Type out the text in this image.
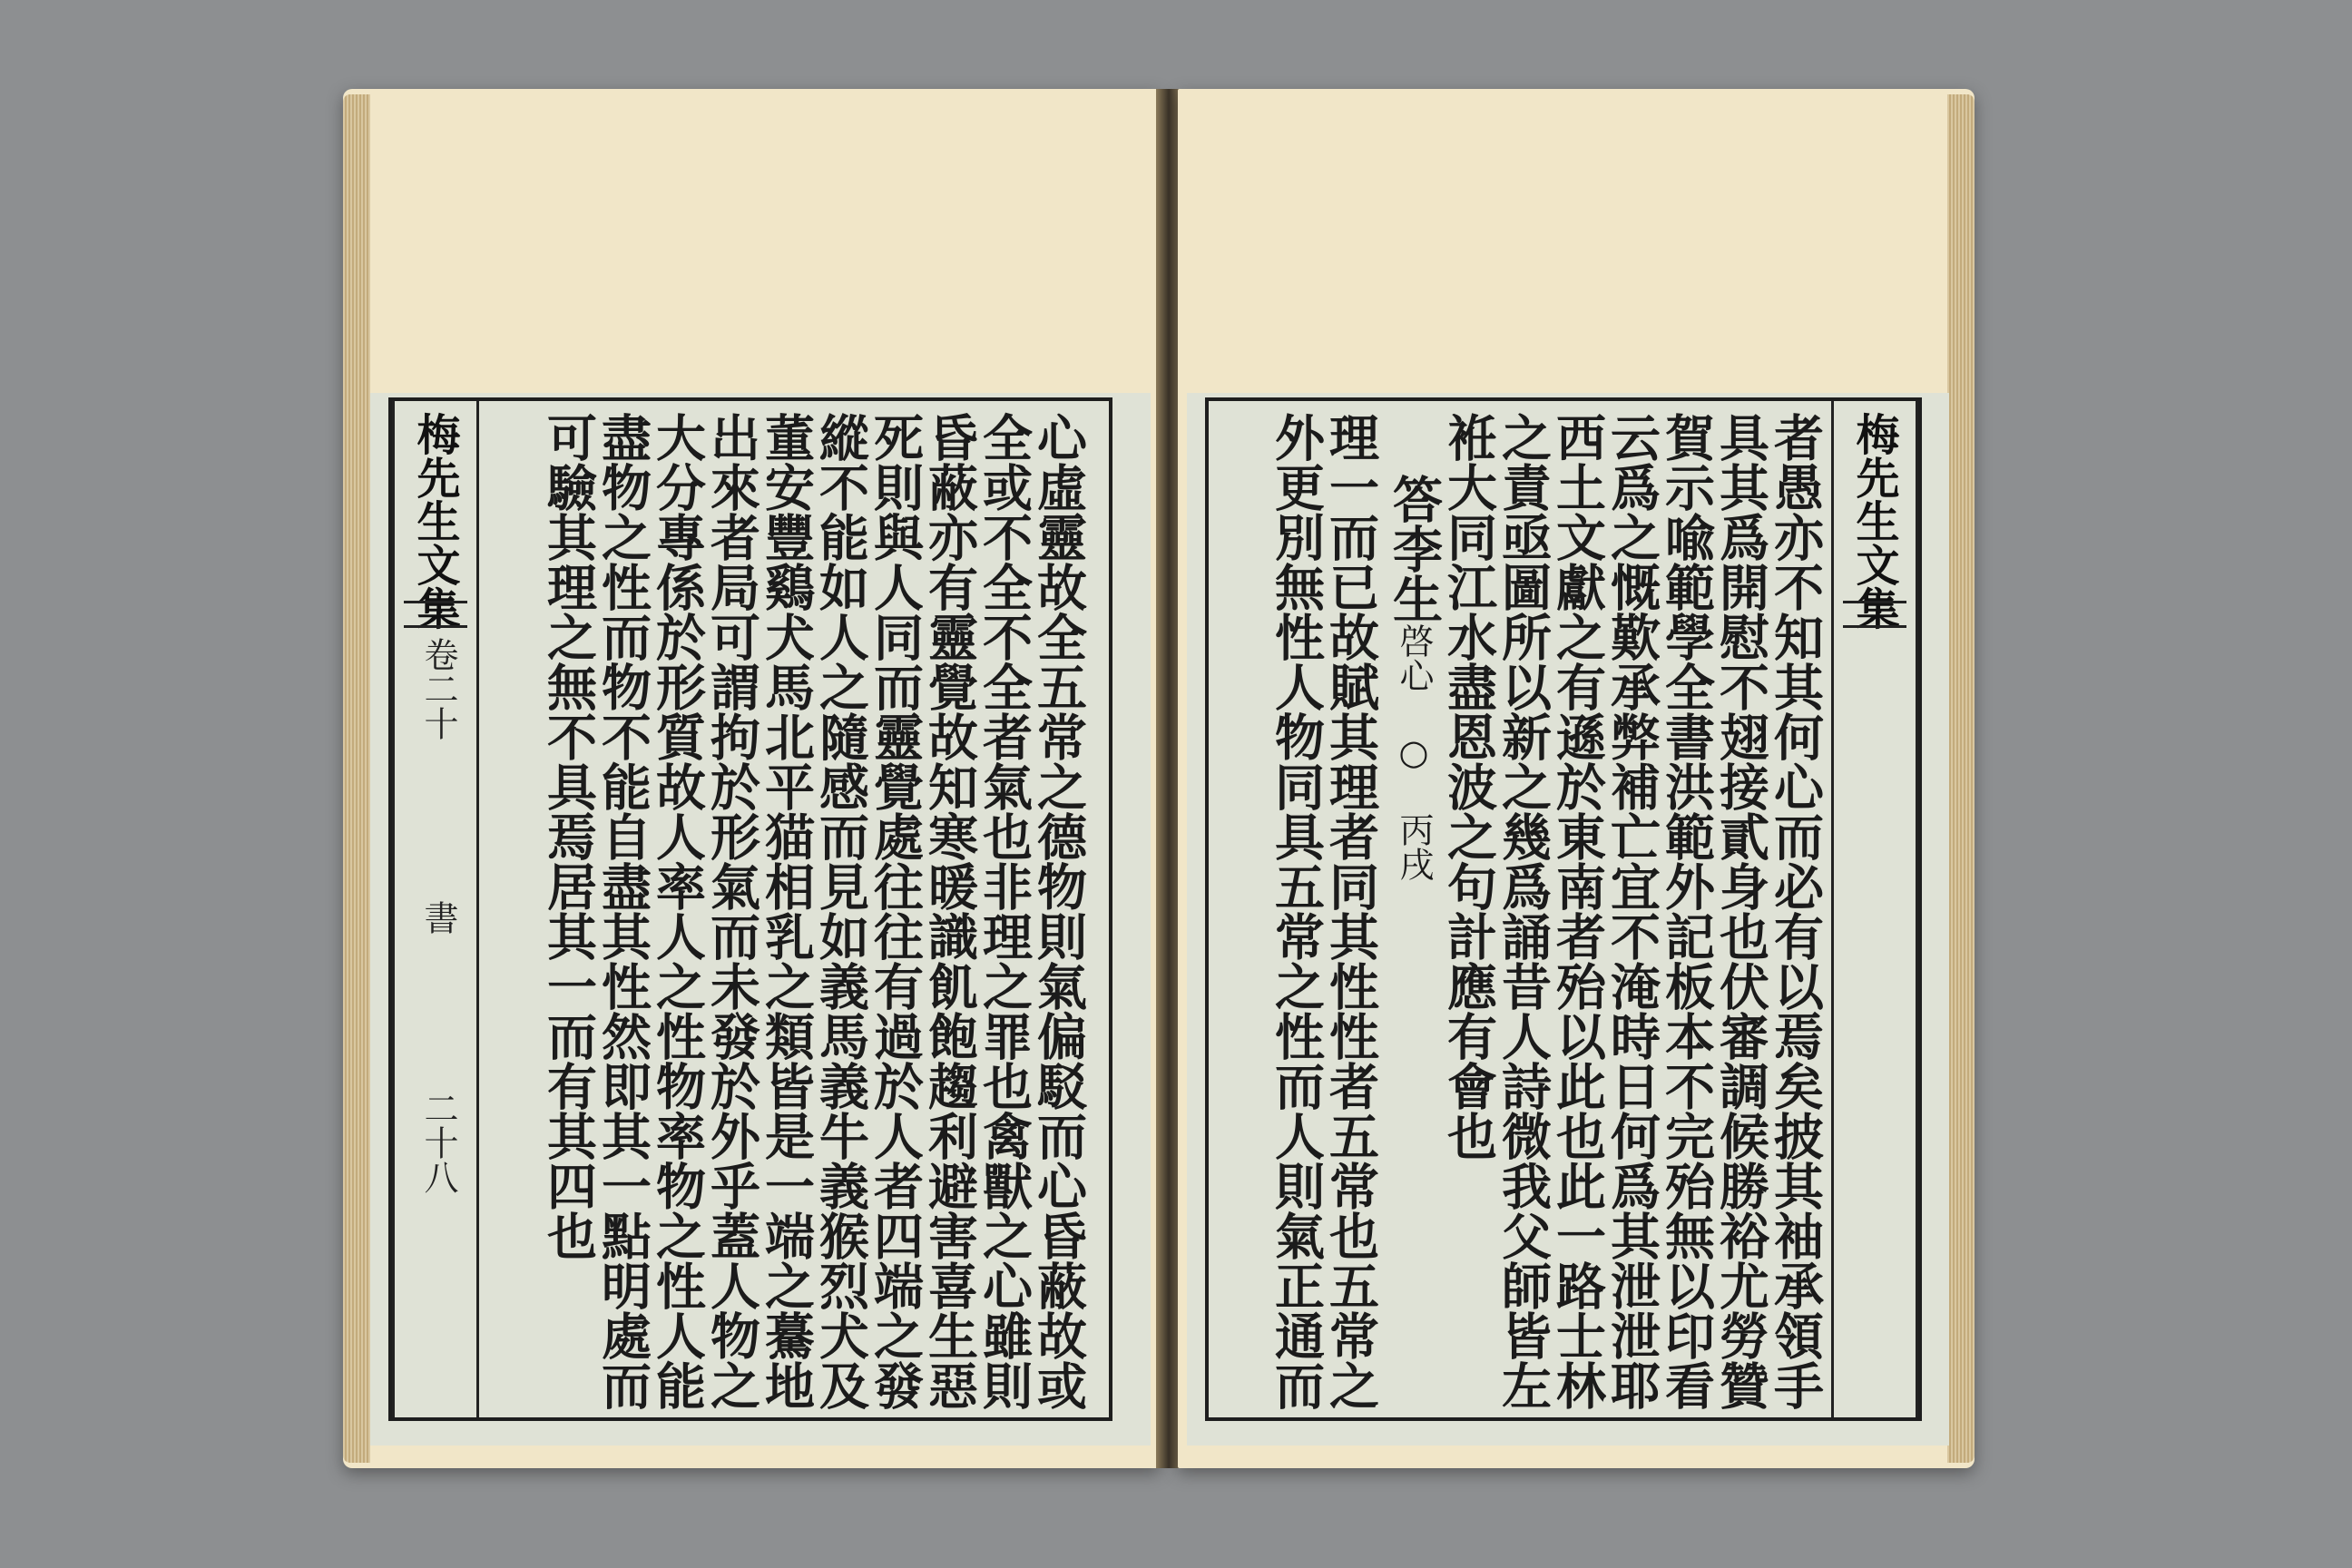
梅先生文集
卷二十
書
二十八	心虛靈故全五常之德物則氣偏駁而心昏蔽故或
全或不全不全者氣也非理之罪也禽獸之心雖則
昏蔽亦有靈覺故知寒暖識飢飽趨利避害喜生惡
死則與人同而靈覺處往往有過於人者四端之發
縱不能如人之隨感而見如義馬義牛義猴烈犬及
董安豐鷄犬馬北平猫相乳之類皆是一端之驀地
出來者局可謂拘於形氣而未發於外乎蓋人物之
大分專係於形質故人率人之性物率物之性人能
盡物之性而物不能自盡其性然即其一點明處而
可驗其理之無不具焉居其一而有其四也	梅先生文集
者愚亦不知其何心而必有以焉矣披其袖承領手
具其爲開慰不翅接貳身也伏審調候勝裕尤勞贊
賀示喩範學全書洪範外記板本不完殆無以印看
云爲之慨歎承弊補亡宜不淹時日何爲其泄泄耶
西土文獻之有遜於東南者殆以此也此一路士林
之責亟圖所以新之幾爲誦昔人詩微我父師皆左
袵大同江水盡恩波之句計應有會也
答李生啓心 ○ 丙戌
理一而已故賦其理者同其性性者五常也五常之
外更別無性人物同具五常之性而人則氣正通而
